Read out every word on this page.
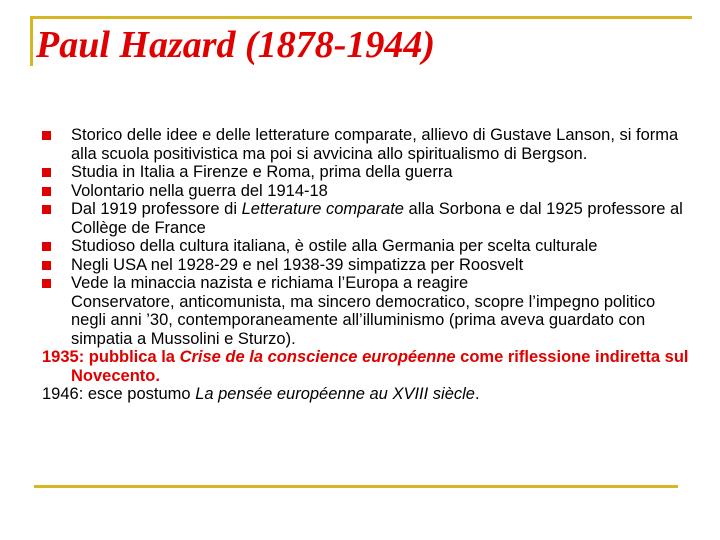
Paul Hazard (1878-1944)
Storico delle idee e delle letterature comparate, allievo di Gustave Lanson, si forma alla scuola positivistica ma poi si avvicina allo spiritualismo di Bergson.
Studia in Italia a Firenze e Roma, prima della guerra
Volontario nella guerra del 1914-18
Dal 1919 professore di Letterature comparate alla Sorbona e dal 1925 professore al Collège de France
Studioso della cultura italiana, è ostile alla Germania per scelta culturale
Negli USA nel 1928-29 e nel 1938-39 simpatizza per Roosvelt
Vede la minaccia nazista e richiama l’Europa a reagire
Conservatore, anticomunista, ma sincero democratico, scopre l’impegno politico negli anni ’30, contemporaneamente all’illuminismo (prima aveva guardato con simpatia a Mussolini e Sturzo).
1935: pubblica la Crise de la conscience européenne come riflessione indiretta sul Novecento.
1946: esce postumo La pensée européenne au XVIII siècle.
